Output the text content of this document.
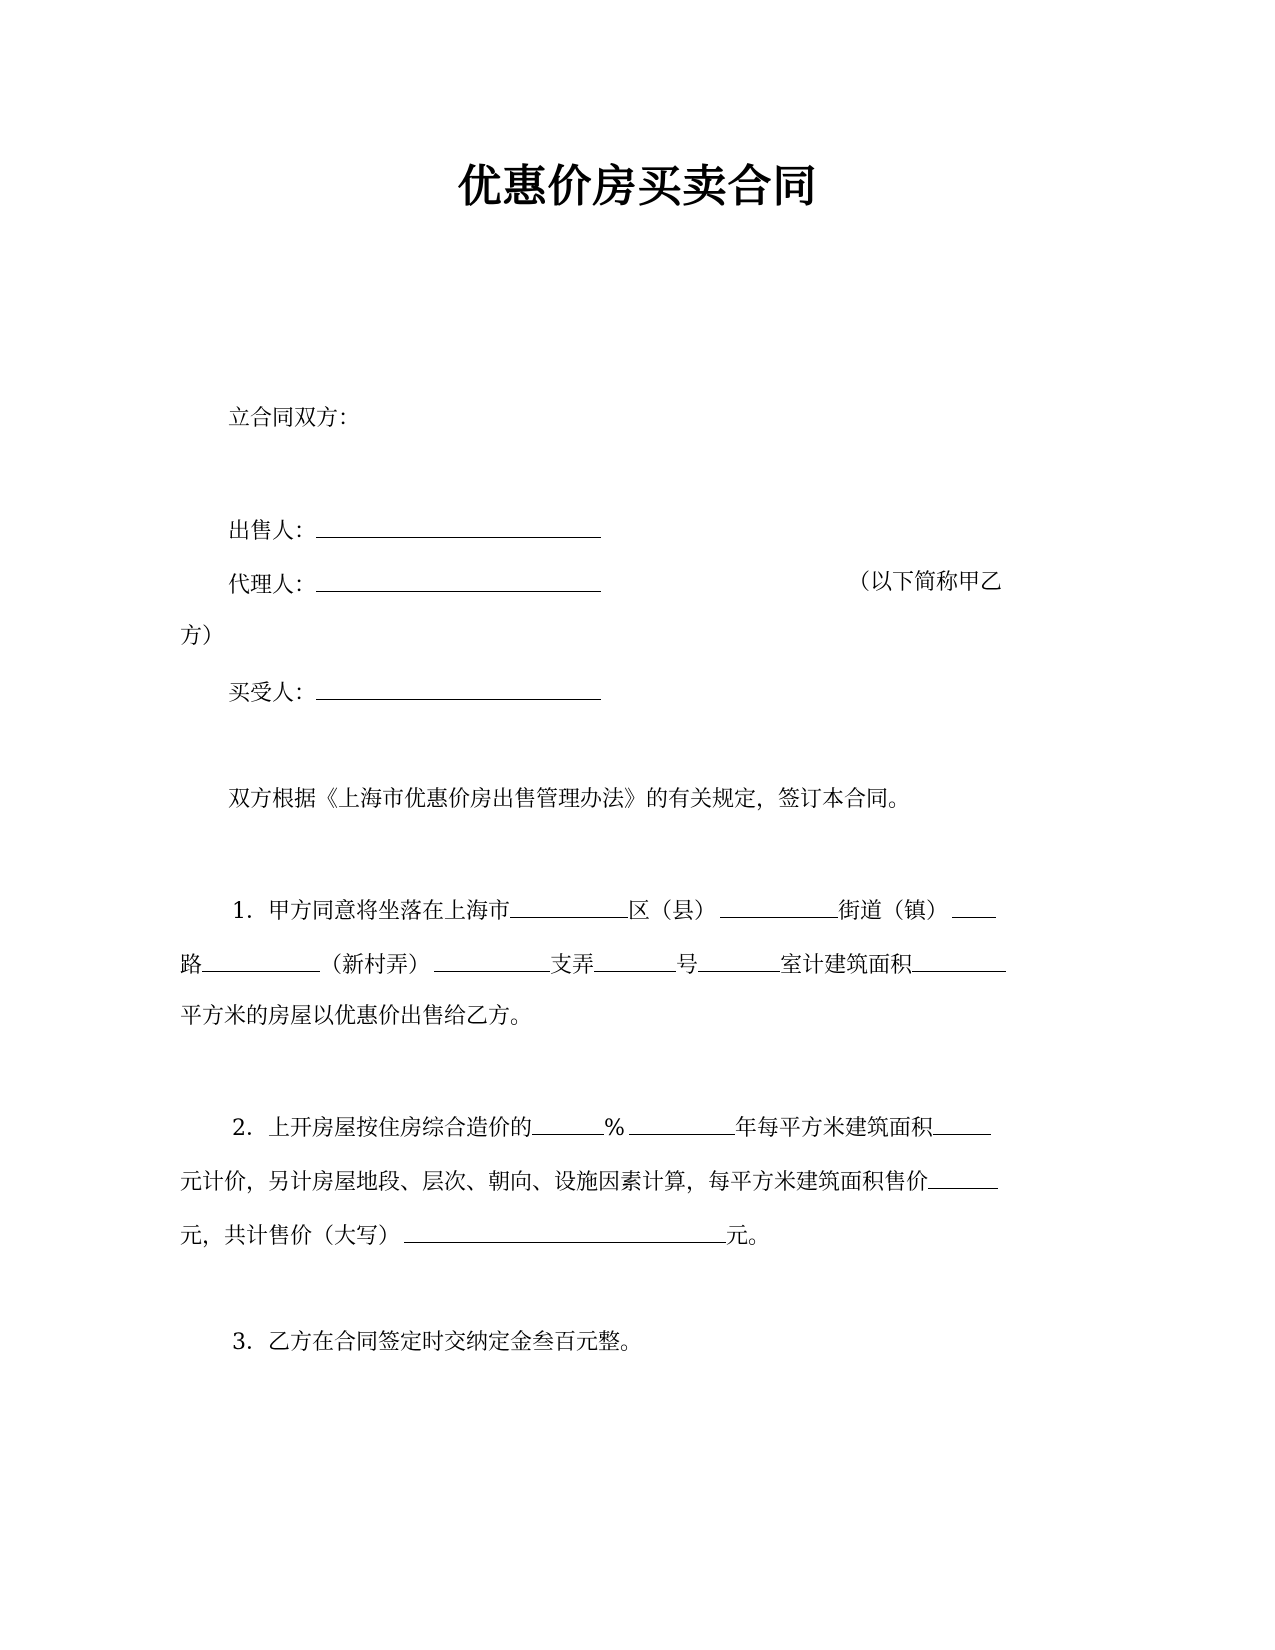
优惠价房买卖合同
立合同双方：
出售人：
代理人：	（以下简称甲乙
方）
买受人：
双方根据《上海市优惠价房出售管理办法》的有关规定，签订本合同。
1．甲方同意将坐落在上海市	区（县）	街道（镇）
路	（新村弄）	支弄	号	室计建筑面积
平方米的房屋以优惠价出售给乙方。
2．上开房屋按住房综合造价的	%	年每平方米建筑面积
元计价，另计房屋地段、层次、朝向、设施因素计算，每平方米建筑面积售价
元，共计售价（大写）	元。
3．乙方在合同签定时交纳定金叁百元整。
